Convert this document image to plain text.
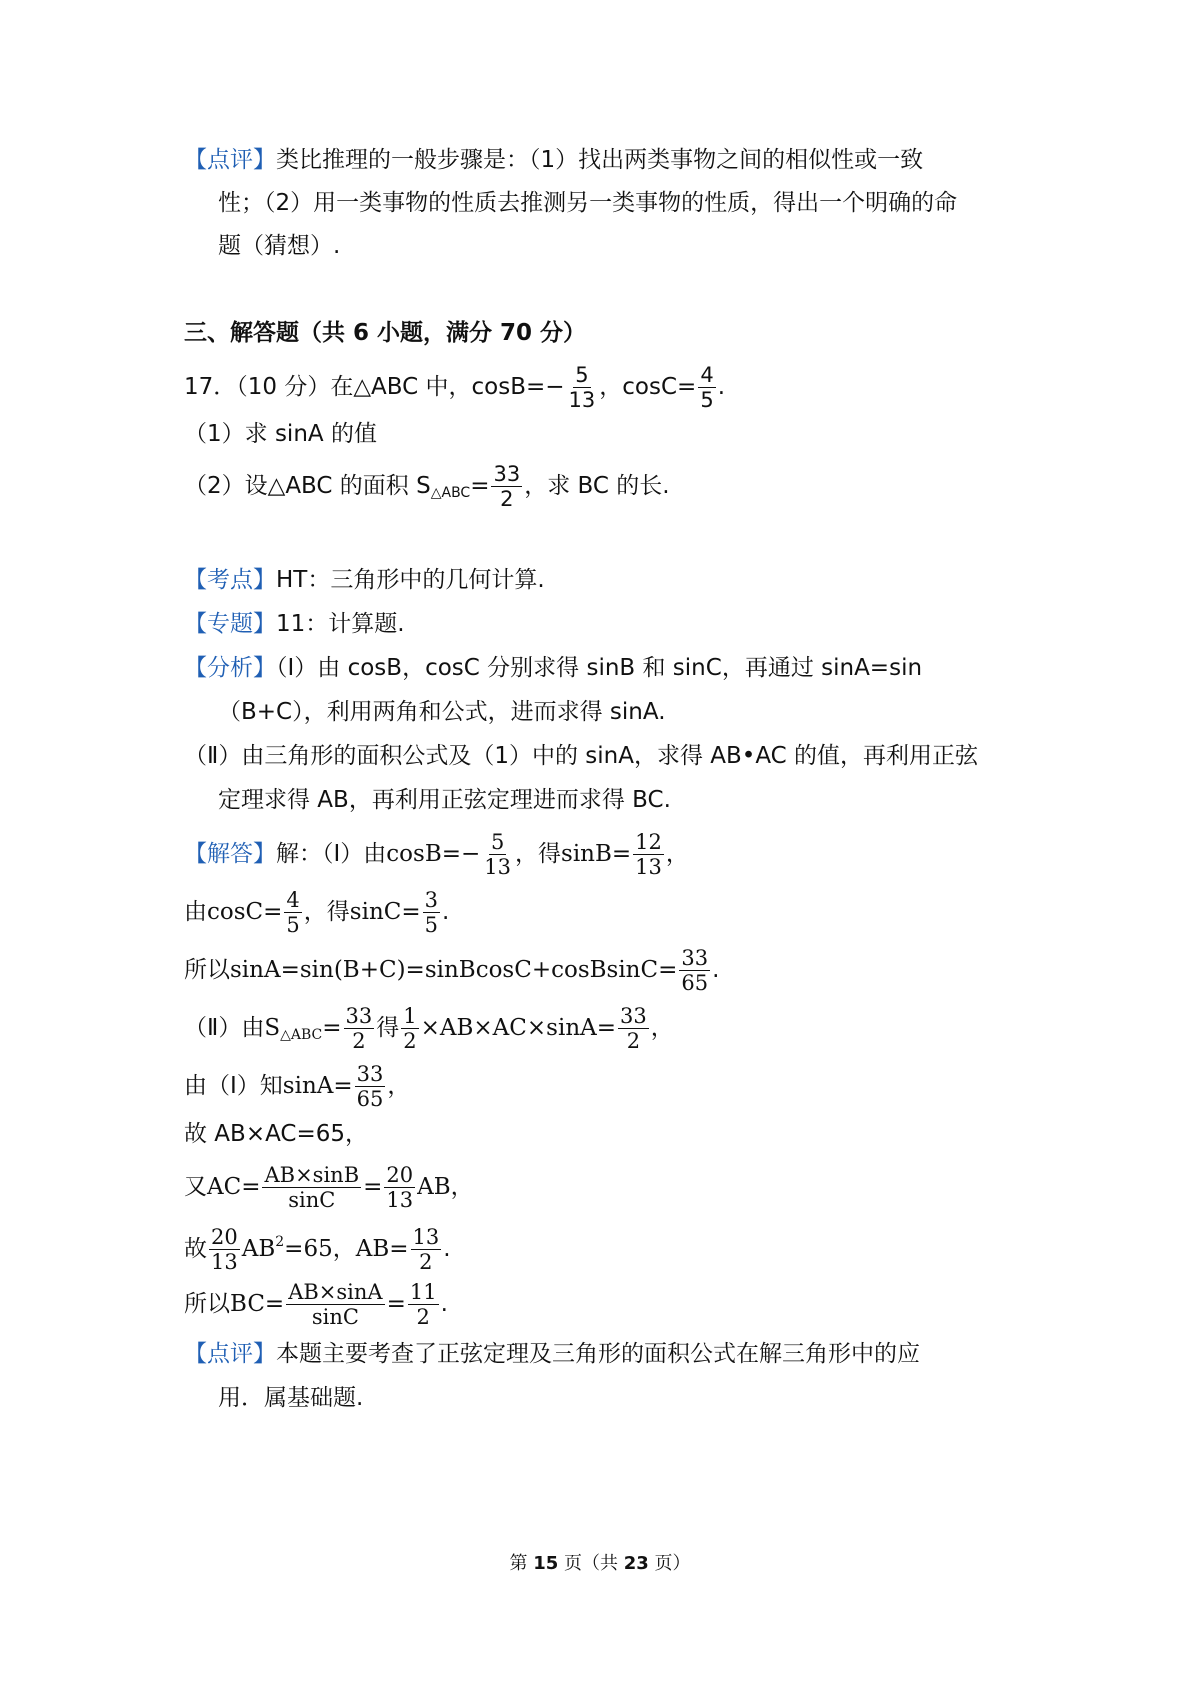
【点评】类比推理的一般步骤是：（1）找出两类事物之间的相似性或一致
性；（2）用一类事物的性质去推测另一类事物的性质，得出一个明确的命
题（猜想）.
三、解答题（共 6 小题，满分 70 分）
17．（10 分）在△ABC 中，$\cos B=- \frac{5}{13}$ ，$\cos C= \frac{4}{5}$ .
（1）求 sinA 的值
（2）设△ABC 的面积 $S_{\triangle ABC}= \frac{33}{2}$ ，求 BC 的长.
【考点】HT：三角形中的几何计算.
【专题】11：计算题.
【分析】（Ⅰ）由 cosB，cosC 分别求得 sinB 和 sinC，再通过 sinA=sin
（B+C），利用两角和公式，进而求得 sinA.
（Ⅱ）由三角形的面积公式及（1）中的 sinA，求得 AB•AC 的值，再利用正弦
定理求得 AB，再利用正弦定理进而求得 BC.
【解答】解：（Ⅰ）由$\cos B=- \frac{5}{13}$ ，得$\sin B= \frac{12}{13}$ ，
由$\cos C= \frac{4}{5}$ ，得$\sin C= \frac{3}{5}$ .
所以sinA=sin(B+C)=sinBcosC+cosBsinC= $\frac{33}{65}$ .
（Ⅱ）由$S_{\triangle ABC}= \frac{33}{2}$ 得 $\frac{1}{2} \times AB\times AC\times\sin A= \frac{33}{2}$ ，
由（Ⅰ）知$\sin A= \frac{33}{65}$ ，
故 AB×AC=65，
又$AC= \frac{AB\times\sin B}{\sin C} = \frac{20}{13}$ AB，
故 $\frac{20}{13} AB^2=65$，$AB= \frac{13}{2}$ .
所以$BC= \frac{AB\times\sin A}{\sin C} = \frac{11}{2}$ .
【点评】本题主要考查了正弦定理及三角形的面积公式在解三角形中的应
用．属基础题.
第 15 页（共 23 页）
